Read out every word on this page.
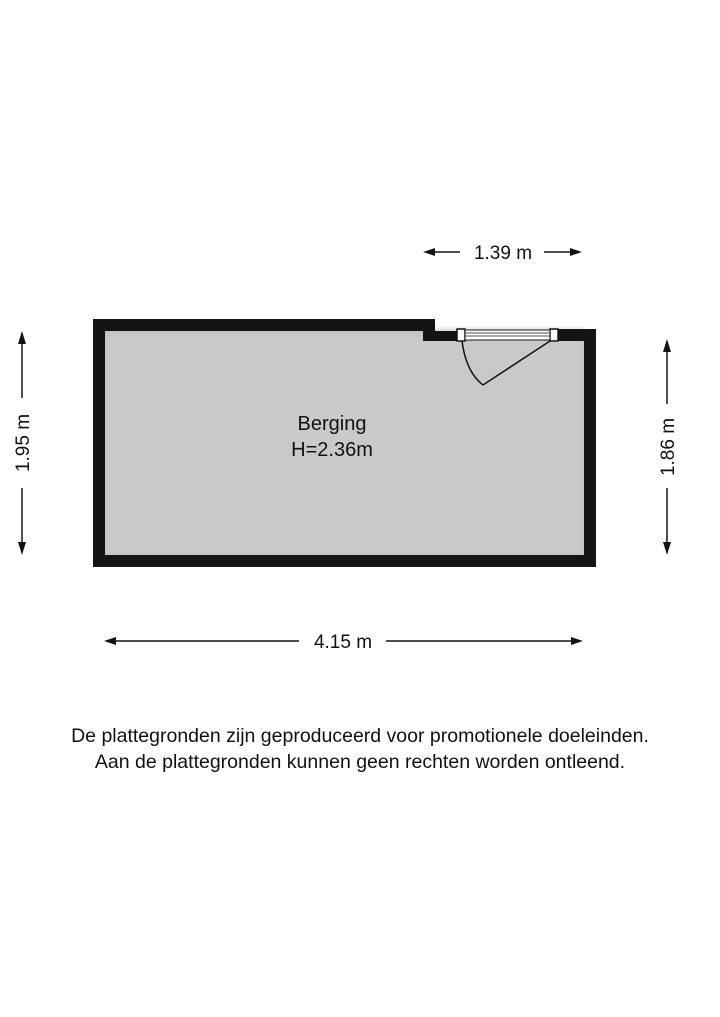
1.39 m
1.95 m	1.86 m
4.15 m
Berging
H=2.36m
De plattegronden zijn geproduceerd voor promotionele doeleinden.
Aan de plattegronden kunnen geen rechten worden ontleend.
